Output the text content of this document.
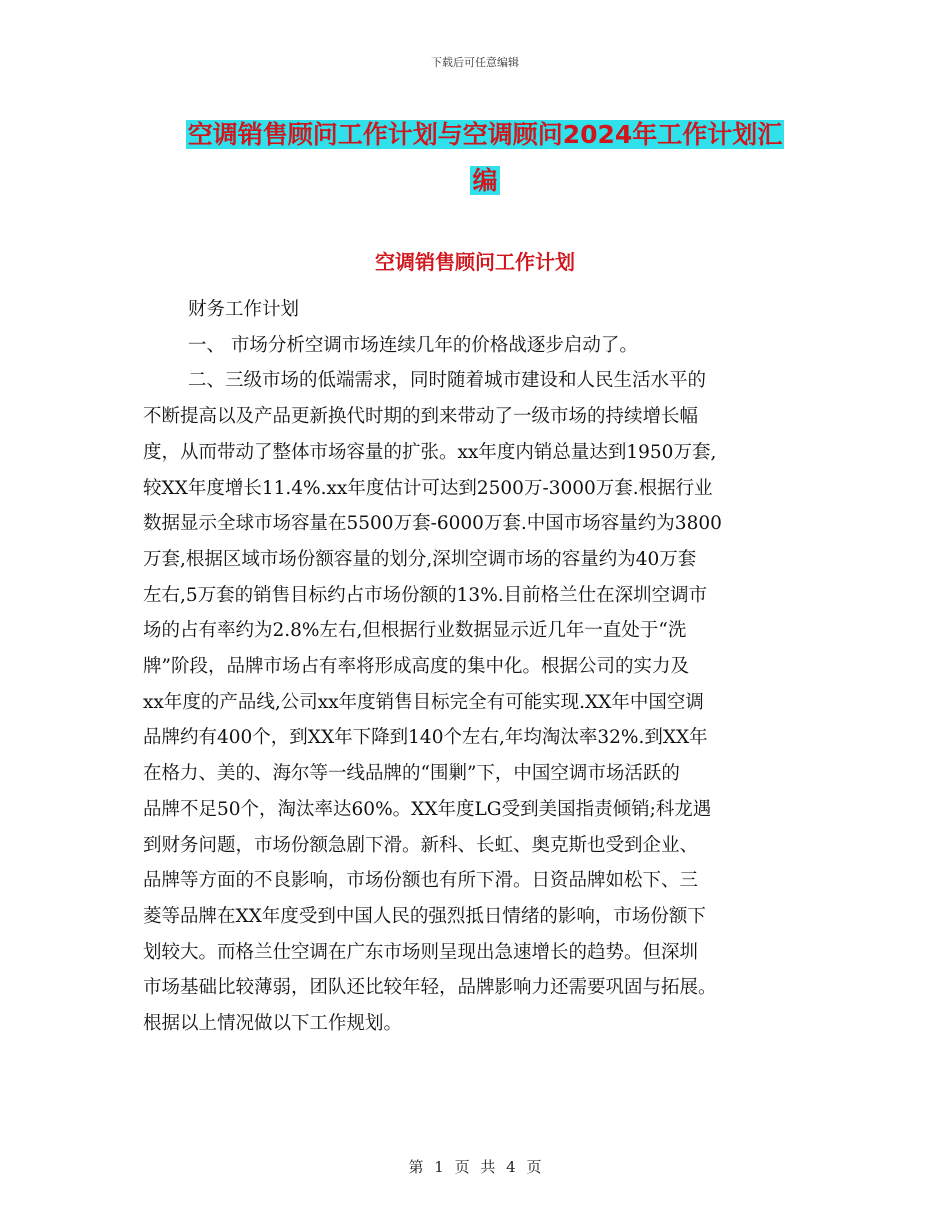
下载后可任意编辑
空调销售顾问工作计划与空调顾问2024年工作计划汇
编
空调销售顾问工作计划

财务工作计划

一、 市场分析空调市场连续几年的价格战逐步启动了。

二、三级市场的低端需求，同时随着城市建设和人民生活水平的

不断提高以及产品更新换代时期的到来带动了一级市场的持续增长幅

度，从而带动了整体市场容量的扩张。xx年度内销总量达到1950万套,

较XX年度增长11.4%.xx年度估计可达到2500万-3000万套.根据行业

数据显示全球市场容量在5500万套-6000万套.中国市场容量约为3800

万套,根据区域市场份额容量的划分,深圳空调市场的容量约为40万套

左右,5万套的销售目标约占市场份额的13%.目前格兰仕在深圳空调市

场的占有率约为2.8%左右,但根据行业数据显示近几年一直处于“洗

牌”阶段，品牌市场占有率将形成高度的集中化。根据公司的实力及

xx年度的产品线,公司xx年度销售目标完全有可能实现.XX年中国空调

品牌约有400个，到XX年下降到140个左右,年均淘汰率32%.到XX年

在格力、美的、海尔等一线品牌的“围剿”下，中国空调市场活跃的

品牌不足50个，淘汰率达60%。XX年度LG受到美国指责倾销;科龙遇

到财务问题，市场份额急剧下滑。新科、长虹、奥克斯也受到企业、

品牌等方面的不良影响，市场份额也有所下滑。日资品牌如松下、三

菱等品牌在XX年度受到中国人民的强烈抵日情绪的影响，市场份额下

划较大。而格兰仕空调在广东市场则呈现出急速增长的趋势。但深圳

市场基础比较薄弱，团队还比较年轻，品牌影响力还需要巩固与拓展。

根据以上情况做以下工作规划。

第 1 页 共 4 页
